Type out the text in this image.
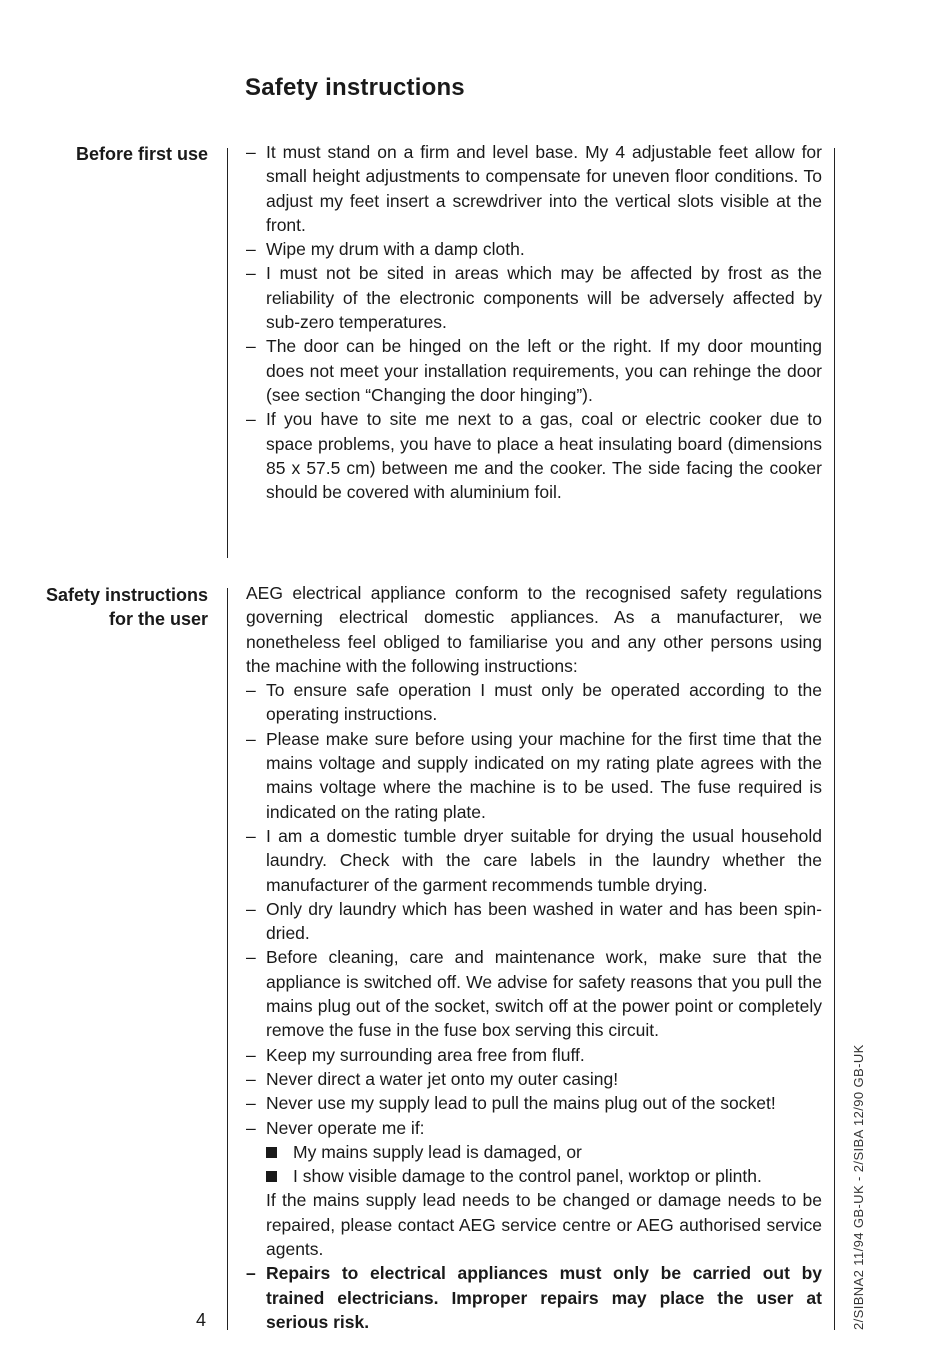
Safety instructions
Before first use
–	It must stand on a firm and level base. My 4 adjustable feet allow for small height adjustments to compensate for uneven floor conditions. To adjust my feet insert a screwdriver into the vertical slots visible at the front.
– Wipe my drum with a damp cloth.
– I must not be sited in areas which may be affected by frost as the reliability of the electronic components will be adversely affected by sub-zero temperatures.
– The door can be hinged on the left or the right. If my door mounting does not meet your installation requirements, you can rehinge the door (see section “Changing the door hinging”).
– If you have to site me next to a gas, coal or electric cooker due to space problems, you have to place a heat insulating board (dimensions 85 x 57.5 cm) between me and the cooker. The side facing the cooker should be covered with aluminium foil.
Safety instructions for the user

AEG electrical appliance conform to the recognised safety regulations governing electrical domestic appliances. As a manufacturer, we nonetheless feel obliged to familiarise you and any other persons using the machine with the following instructions:

– To ensure safe operation I must only be operated according to the operating instructions.
– Please make sure before using your machine for the first time that the mains voltage and supply indicated on my rating plate agrees with the mains voltage where the machine is to be used. The fuse required is indicated on the rating plate.
– I am a domestic tumble dryer suitable for drying the usual household laundry. Check with the care labels in the laundry whether the manufacturer of the garment recommends tumble drying.
– Only dry laundry which has been washed in water and has been spin-dried.
– Before cleaning, care and maintenance work, make sure that the appliance is switched off. We advise for safety reasons that you pull the mains plug out of the socket, switch off at the power point or completely remove the fuse in the fuse box serving this circuit.
– Keep my surrounding area free from fluff.
– Never direct a water jet onto my outer casing!
– Never use my supply lead to pull the mains plug out of the socket!
– Never operate me if:
My mains supply lead is damaged, or
I show visible damage to the control panel, worktop or plinth.
If the mains supply lead needs to be changed or damage needs to be repaired, please contact AEG service centre or AEG authorised service agents.
– Repairs to electrical appliances must only be carried out by trained electricians. Improper repairs may place the user at serious risk.
4	2/SIBNA2 11/94 GB-UK - 2/SIBA 12/90 GB-UK
